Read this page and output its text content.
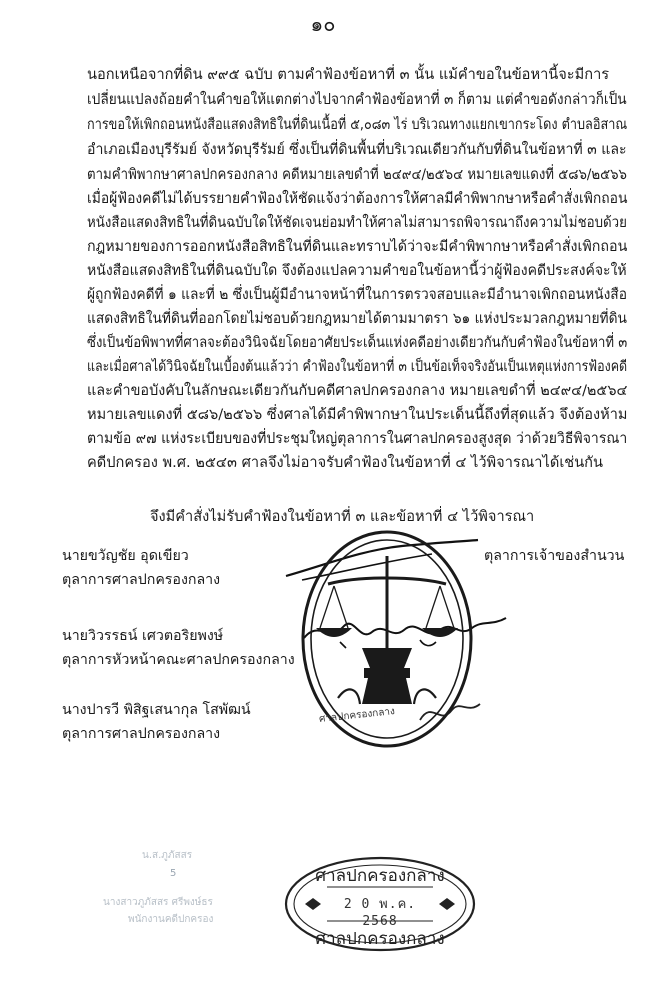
๑๐
นอกเหนือจากที่ดิน ๙๙๕ ฉบับ ตามคำฟ้องข้อหาที่ ๓ นั้น แม้คำขอในข้อหานี้จะมีการ
เปลี่ยนแปลงถ้อยคำในคำขอให้แตกต่างไปจากคำฟ้องข้อหาที่ ๓ ก็ตาม แต่คำขอดังกล่าวก็เป็น
การขอให้เพิกถอนหนังสือแสดงสิทธิในที่ดินเนื้อที่ ๕,๐๘๓ ไร่ บริเวณทางแยกเขากระโดง ตำบลอิสาณ
อำเภอเมืองบุรีรัมย์ จังหวัดบุรีรัมย์ ซึ่งเป็นที่ดินพื้นที่บริเวณเดียวกันกับที่ดินในข้อหาที่ ๓ และ
ตามคำพิพากษาศาลปกครองกลาง คดีหมายเลขดำที่ ๒๔๙๔/๒๕๖๔ หมายเลขแดงที่ ๕๘๖/๒๕๖๖
เมื่อผู้ฟ้องคดีไม่ได้บรรยายคำฟ้องให้ชัดแจ้งว่าต้องการให้ศาลมีคำพิพากษาหรือคำสั่งเพิกถอน
หนังสือแสดงสิทธิในที่ดินฉบับใดให้ชัดเจนย่อมทำให้ศาลไม่สามารถพิจารณาถึงความไม่ชอบด้วย
กฎหมายของการออกหนังสือสิทธิในที่ดินและทราบได้ว่าจะมีคำพิพากษาหรือคำสั่งเพิกถอน
หนังสือแสดงสิทธิในที่ดินฉบับใด จึงต้องแปลความคำขอในข้อหานี้ว่าผู้ฟ้องคดีประสงค์จะให้
ผู้ถูกฟ้องคดีที่ ๑ และที่ ๒ ซึ่งเป็นผู้มีอำนาจหน้าที่ในการตรวจสอบและมีอำนาจเพิกถอนหนังสือ
แสดงสิทธิในที่ดินที่ออกโดยไม่ชอบด้วยกฎหมายได้ตามมาตรา ๖๑ แห่งประมวลกฎหมายที่ดิน
ซึ่งเป็นข้อพิพาทที่ศาลจะต้องวินิจฉัยโดยอาศัยประเด็นแห่งคดีอย่างเดียวกันกับคำฟ้องในข้อหาที่ ๓
และเมื่อศาลได้วินิจฉัยในเบื้องต้นแล้วว่า คำฟ้องในข้อหาที่ ๓ เป็นข้อเท็จจริงอันเป็นเหตุแห่งการฟ้องคดี
และคำขอบังคับในลักษณะเดียวกันกับคดีศาลปกครองกลาง หมายเลขดำที่ ๒๔๙๔/๒๕๖๔
หมายเลขแดงที่ ๕๘๖/๒๕๖๖ ซึ่งศาลได้มีคำพิพากษาในประเด็นนี้ถึงที่สุดแล้ว จึงต้องห้าม
ตามข้อ ๙๗ แห่งระเบียบของที่ประชุมใหญ่ตุลาการในศาลปกครองสูงสุด ว่าด้วยวิธีพิจารณา
คดีปกครอง พ.ศ. ๒๕๔๓ ศาลจึงไม่อาจรับคำฟ้องในข้อหาที่ ๔ ไว้พิจารณาได้เช่นกัน
จึงมีคำสั่งไม่รับคำฟ้องในข้อหาที่ ๓ และข้อหาที่ ๔ ไว้พิจารณา
ศาลปกครองกลาง
นายขวัญชัย อุดเขียว
ตุลาการศาลปกครองกลาง
นายวิวรรธน์ เศวตอริยพงษ์
ตุลาการหัวหน้าคณะศาลปกครองกลาง
นางปารวี พิสิฐเสนากุล โสพัฒน์
ตุลาการศาลปกครองกลาง
ตุลาการเจ้าของสำนวน
น.ส.ภูภัสสร
5
นางสาวภูภัสสร ศรีพงษ์ธร
พนักงานคดีปกครอง
ศาลปกครองกลาง
2 0 พ.ค. 2568
ศาลปกครองกลาง
